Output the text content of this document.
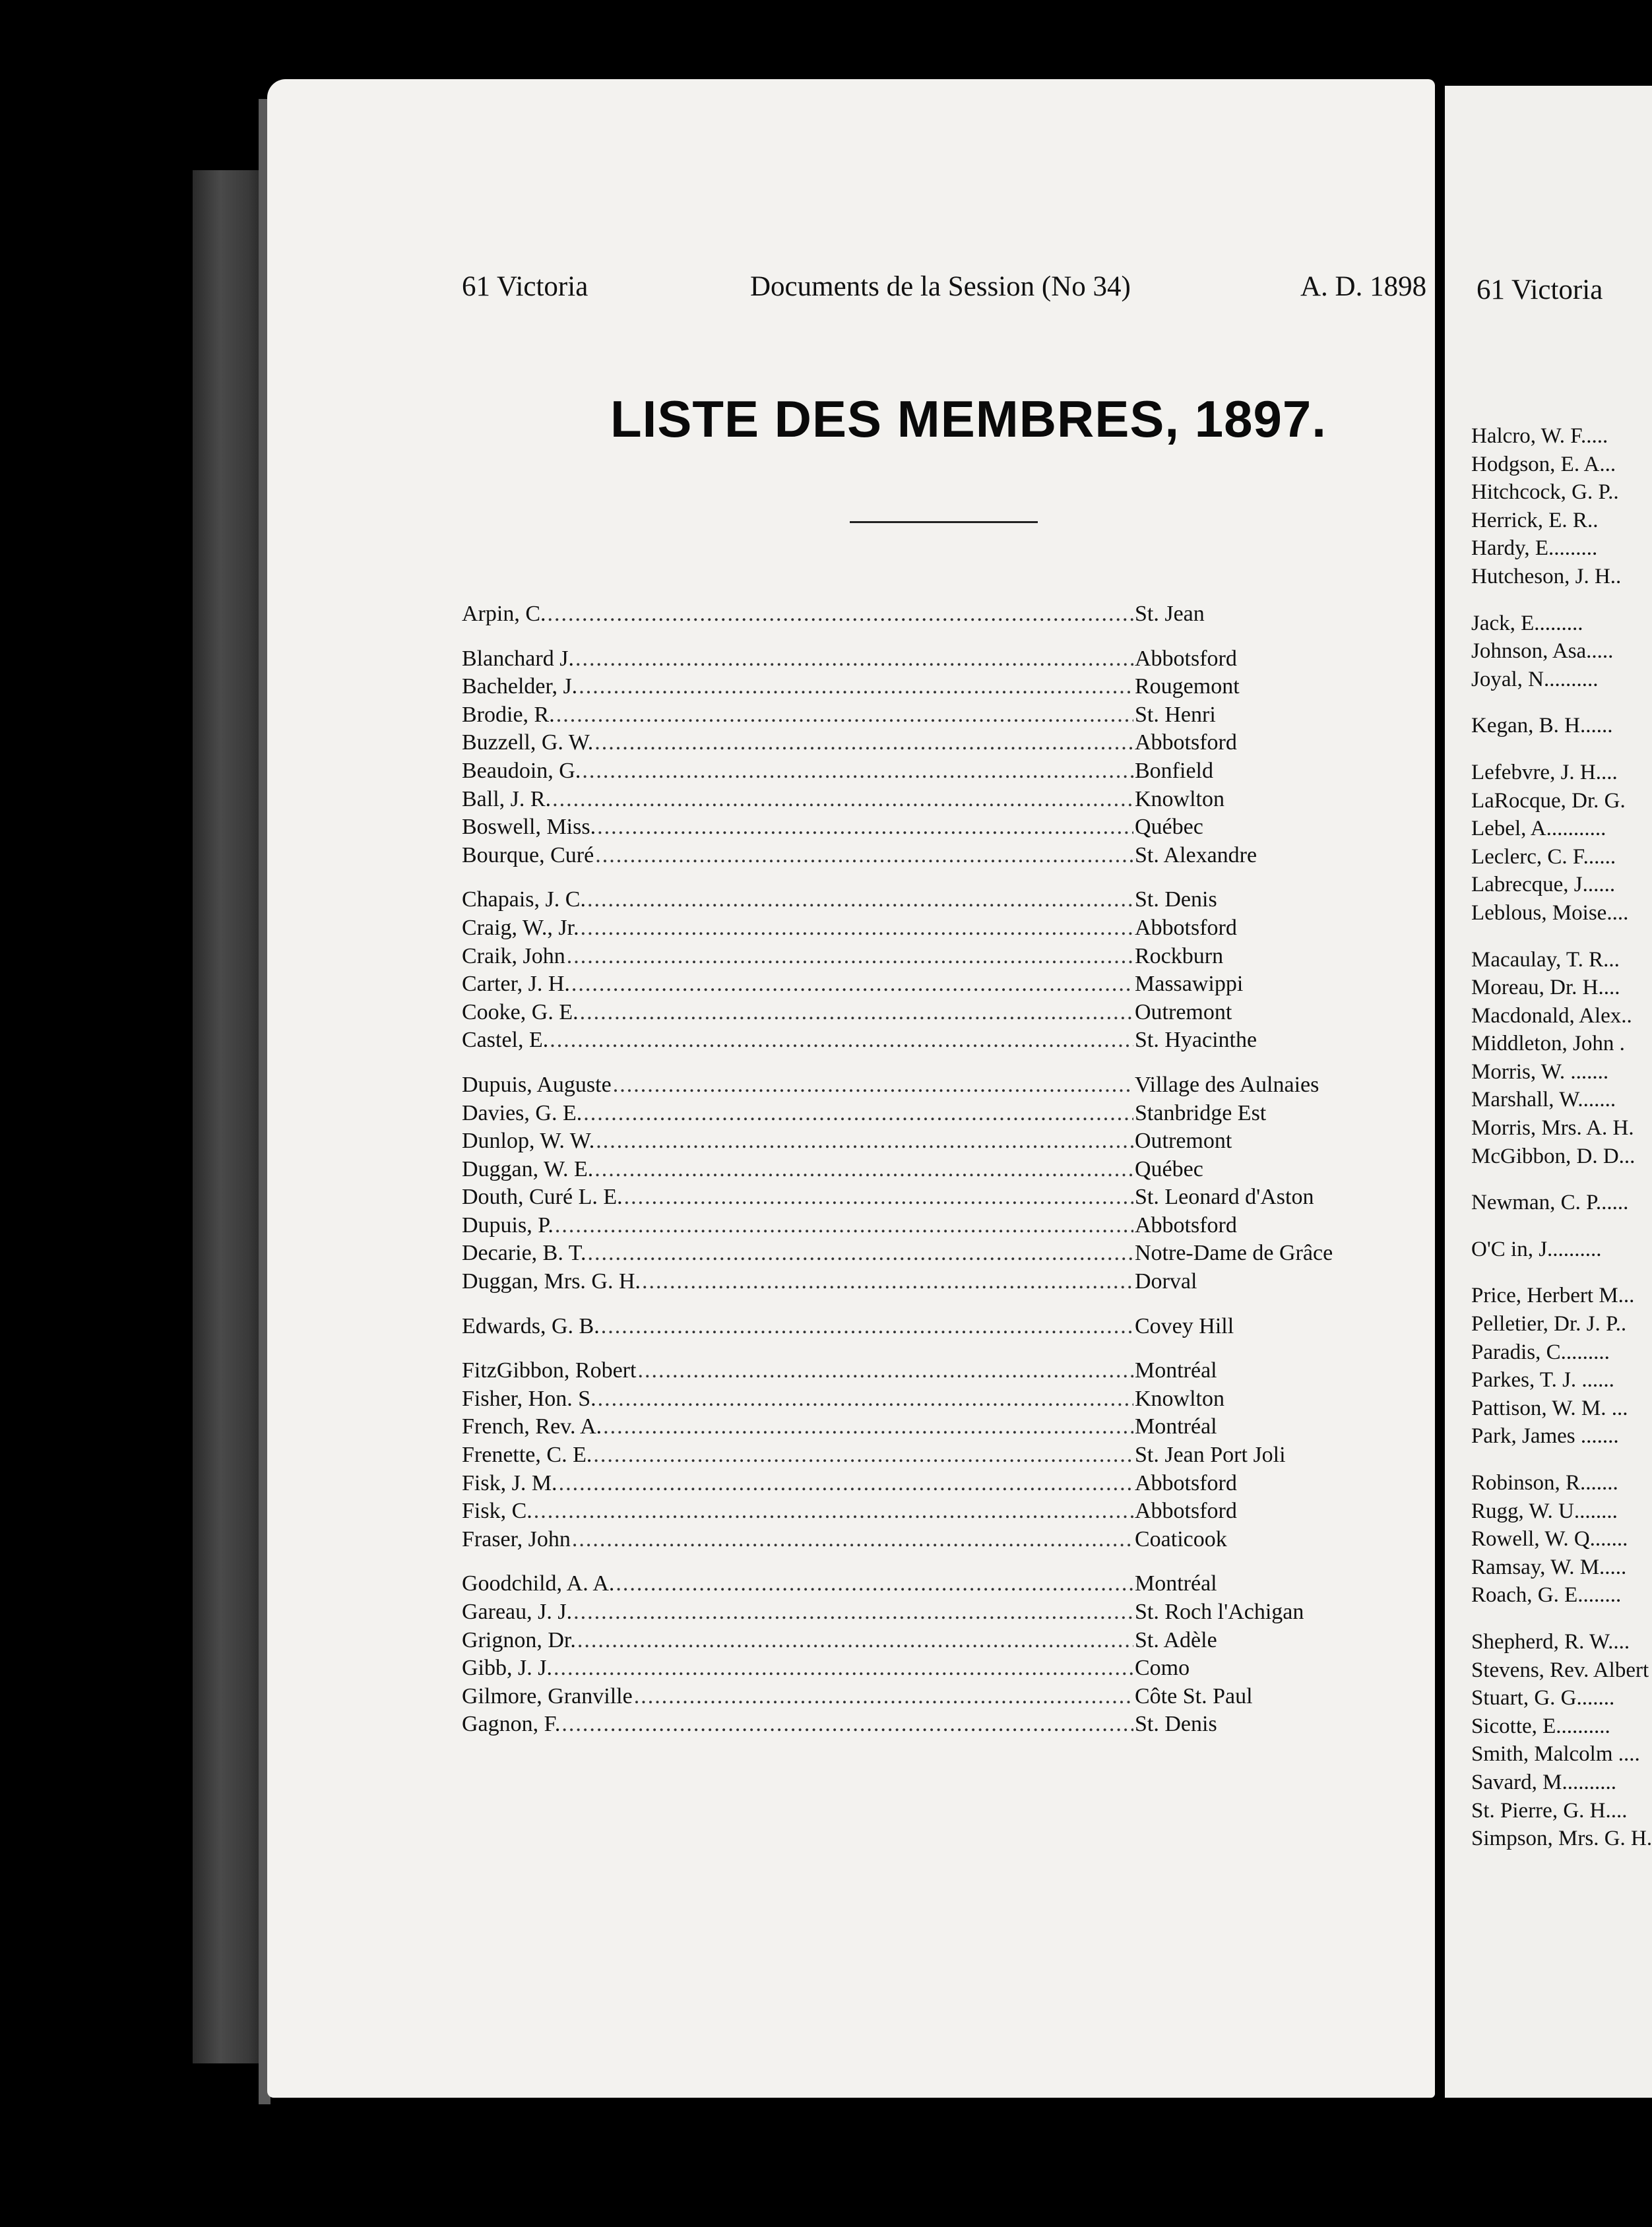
61 Victoria	Documents de la Session (No 34)	A. D. 1898
LISTE DES MEMBRES, 1897.
Arpin, C. .....	St. Jean
Blanchard J. .....	Abbotsford
Bachelder, J. .....	Rougemont
Brodie, R. .....	St. Henri
Buzzell, G. W. .....	Abbotsford
Beaudoin, G. .....	Bonfield
Ball, J. R. .....	Knowlton
Boswell, Miss. .....	Québec
Bourque, Curé .....	St. Alexandre
Chapais, J. C. .....	St. Denis
Craig, W., Jr. .....	Abbotsford
Craik, John .....	Rockburn
Carter, J. H. .....	Massawippi
Cooke, G. E. .....	Outremont
Castel, E. .....	St. Hyacinthe
Dupuis, Auguste .....	Village des Aulnaies
Davies, G. E. .....	Stanbridge Est
Dunlop, W. W. .....	Outremont
Duggan, W. E. .....	Québec
Douth, Curé L. E. .....	St. Leonard d'Aston
Dupuis, P. .....	Abbotsford
Decarie, B. T. .....	Notre-Dame de Grâce
Duggan, Mrs. G. H. .....	Dorval
Edwards, G. B. .....	Covey Hill
FitzGibbon, Robert .....	Montréal
Fisher, Hon. S. .....	Knowlton
French, Rev. A. .....	Montréal
Frenette, C. E. .....	St. Jean Port Joli
Fisk, J. M. .....	Abbotsford
Fisk, C. .....	Abbotsford
Fraser, John .....	Coaticook
Goodchild, A. A. .....	Montréal
Gareau, J. J. .....	St. Roch l'Achigan
Grignon, Dr. .....	St. Adèle
Gibb, J. J. .....	Como
Gilmore, Granville .....	Côte St. Paul
Gagnon, F. .....	St. Denis
61 Victoria
Halcro, W. F.....
Hodgson, E. A...
Hitchcock, G. P..
Herrick, E. R..
Hardy, E.........
Hutcheson, J. H..
Jack, E.........
Johnson, Asa.....
Joyal, N..........
Kegan, B. H......
Lefebvre, J. H....
LaRocque, Dr. G.
Lebel, A...........
Leclerc, C. F......
Labrecque, J......
Leblous, Moise....
Macaulay, T. R...
Moreau, Dr. H....
Macdonald, Alex..
Middleton, John .
Morris, W. .......
Marshall, W.......
Morris, Mrs. A. H.
McGibbon, D. D...
Newman, C. P......
O'C in, J..........
Price, Herbert M...
Pelletier, Dr. J. P..
Paradis, C.........
Parkes, T. J. ......
Pattison, W. M. ...
Park, James .......
Robinson, R.......
Rugg, W. U........
Rowell, W. Q.......
Ramsay, W. M.....
Roach, G. E........
Shepherd, R. W....
Stevens, Rev. Albert
Stuart, G. G.......
Sicotte, E..........
Smith, Malcolm ....
Savard, M..........
St. Pierre, G. H....
Simpson, Mrs. G. H.
